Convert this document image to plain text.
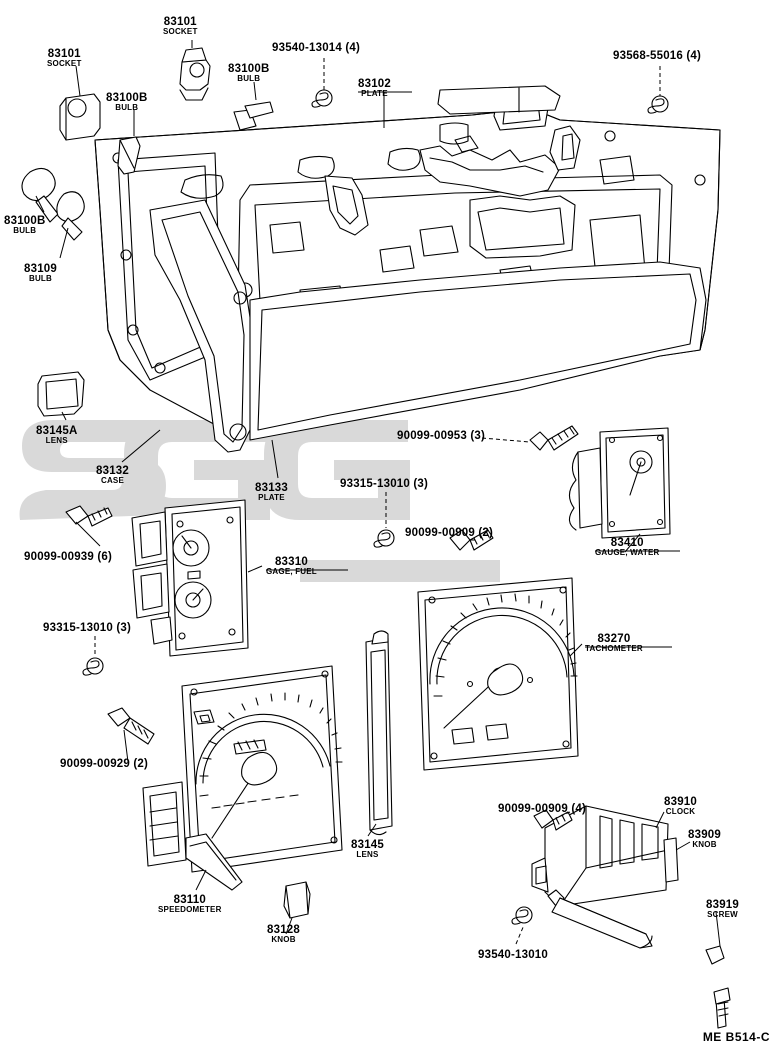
83101
SOCKET
83101
SOCKET
83100B
BULB
83100B
BULB
93540-13014 (4)
83102
PLATE
93568-55016 (4)
83100B
BULB
83109
BULB
83145A
LENS
83132
CASE
83133
PLATE
90099-00953 (3)
93315-13010 (3)
90099-00909 (2)
83410
GAUGE, WATER
90099-00939 (6)	83310
GAGE, FUEL
93315-13010 (3)
83270
TACHOMETER
90099-00929 (2)
83145
LENS
90099-00909 (4)
83910
CLOCK
83909
KNOB
83919
SCREW
83110
SPEEDOMETER
83128
KNOB
93540-13010
ME B514-C
